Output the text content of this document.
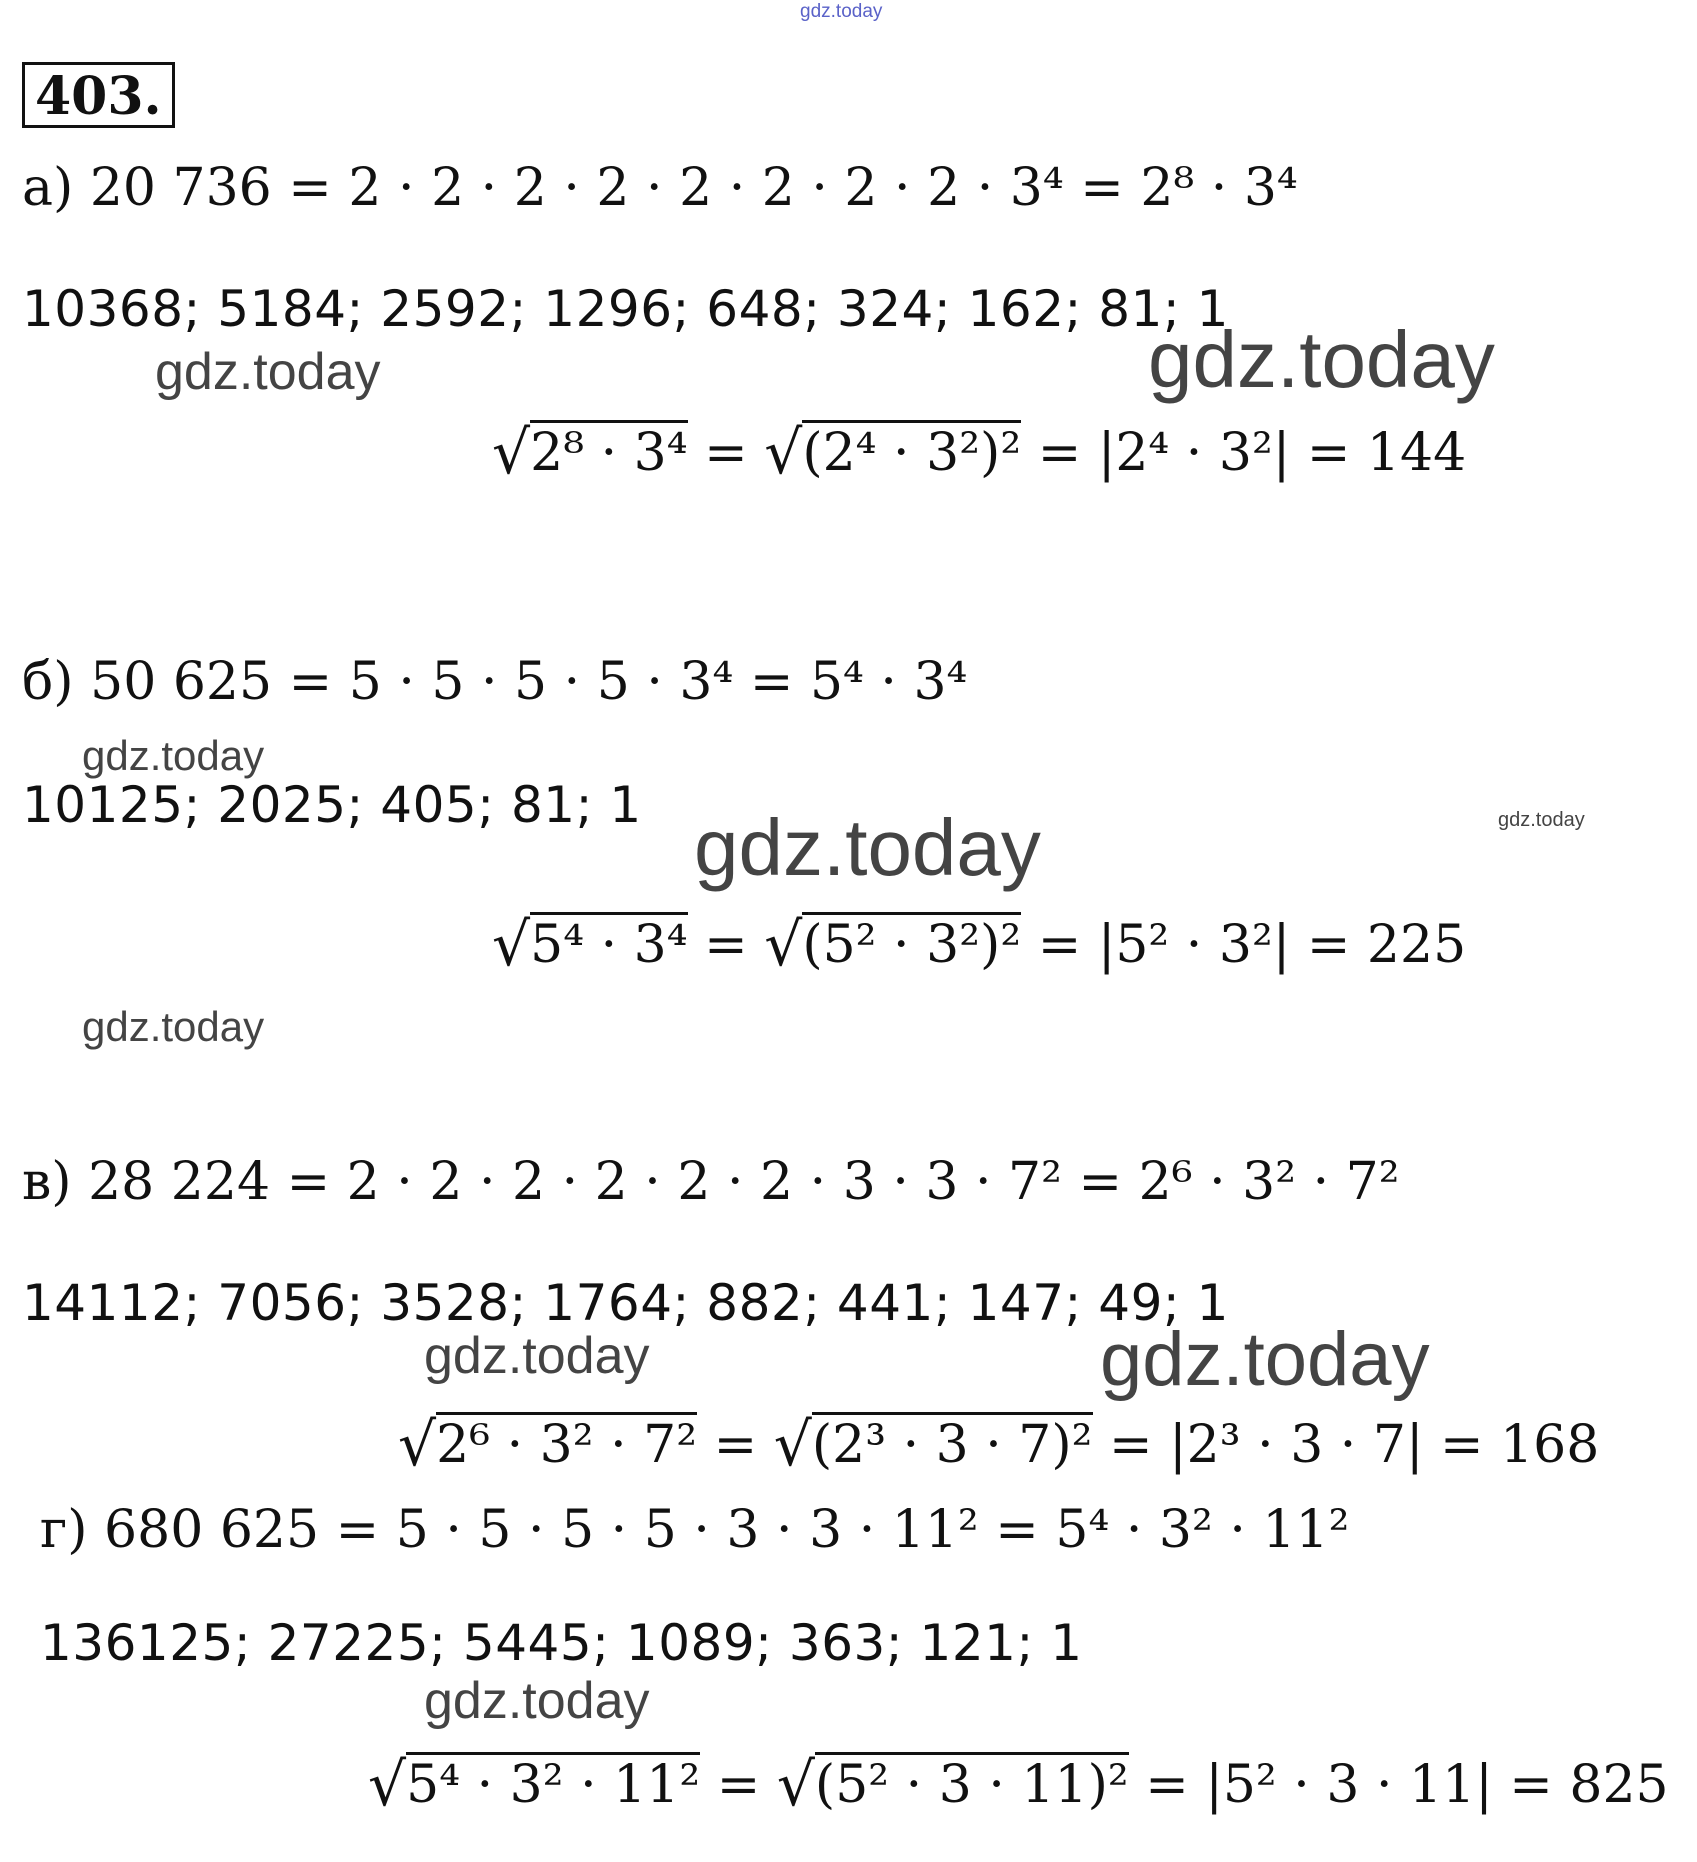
gdz.today
403.
а) 20 736 = 2 · 2 · 2 · 2 · 2 · 2 · 2 · 2 · 3⁴ = 2⁸ · 3⁴
10368; 5184; 2592; 1296; 648; 324; 162; 81; 1
gdz.today	gdz.today
√2⁸ · 3⁴ = √(2⁴ · 3²)² = |2⁴ · 3²| = 144
б) 50 625 = 5 · 5 · 5 · 5 · 3⁴ = 5⁴ · 3⁴
gdz.today
10125; 2025; 405; 81; 1	gdz.today
gdz.today
√5⁴ · 3⁴ = √(5² · 3²)² = |5² · 3²| = 225
gdz.today
в) 28 224 = 2 · 2 · 2 · 2 · 2 · 2 · 3 · 3 · 7² = 2⁶ · 3² · 7²
14112; 7056; 3528; 1764; 882; 441; 147; 49; 1
gdz.today	gdz.today
√2⁶ · 3² · 7² = √(2³ · 3 · 7)² = |2³ · 3 · 7| = 168
г) 680 625 = 5 · 5 · 5 · 5 · 3 · 3 · 11² = 5⁴ · 3² · 11²
136125; 27225; 5445; 1089; 363; 121; 1
gdz.today
√5⁴ · 3² · 11² = √(5² · 3 · 11)² = |5² · 3 · 11| = 825
